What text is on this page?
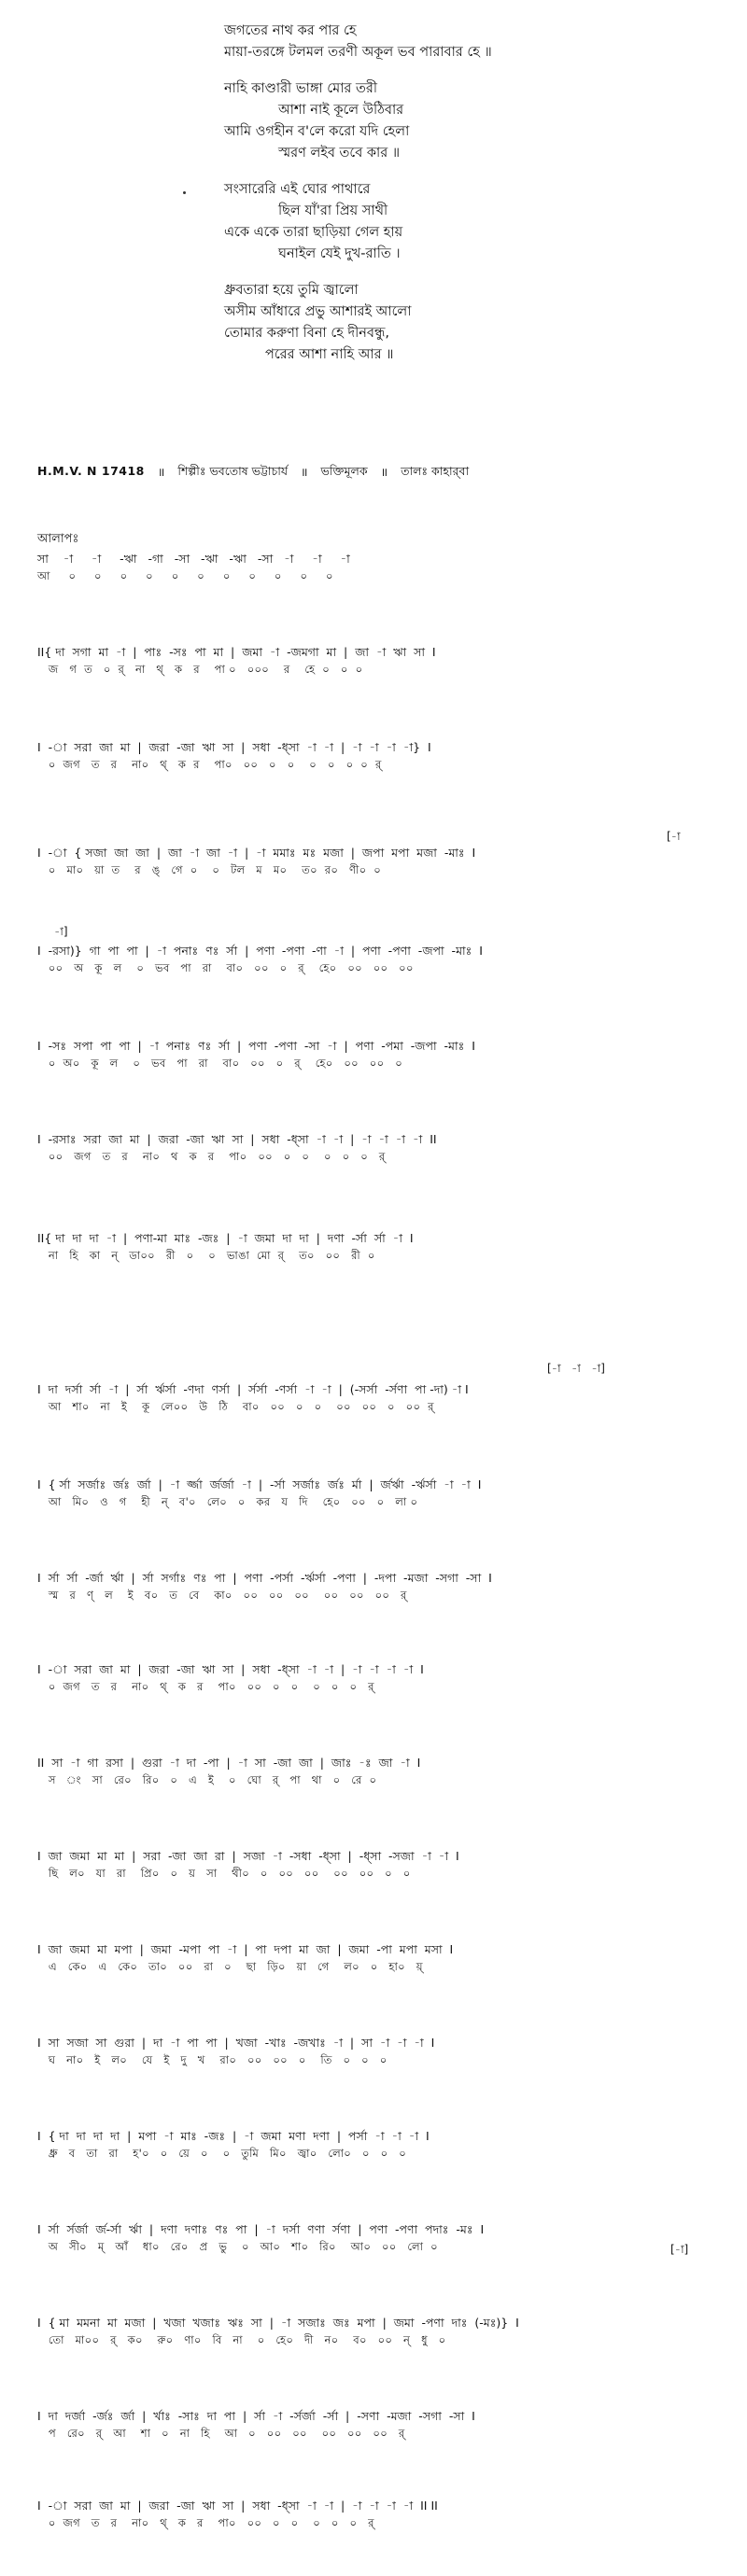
জগতের নাথ কর পার হে
মায়া-তরঙ্গে টলমল তরণী অকূল ভব পারাবার হে ॥
নাহি কাণ্ডারী ভাঙ্গা মোর তরী
আশা নাই কূলে উঠিবার
আমি ওগহীন ব'লে করো যদি হেলা
স্মরণ লইব তবে কার ॥
সংসারেরি এই ঘোর পাথারে
ছিল যাঁ'রা প্রিয় সাথী
একে একে তারা ছাড়িয়া গেল হায়
ঘনাইল যেই দুখ-রাতি ।
ধ্রুবতারা হয়ে তুমি জ্বালো
অসীম আঁধারে প্রভু আশারই আলো
তোমার করুণা বিনা হে দীনবন্ধু,
পরের আশা নাহি আর ॥
H.M.V. N 17418 ॥ শিল্পীঃ ভবতোষ ভট্টাচার্য ॥ ভক্তিমূলক ॥ তালঃ কাহার্‌বা
আলাপঃ
সা    -া     -া     -ঋা   -গা   -সা   -ঋা   -ঋা   -সা   -া     -া     -া
আ     ০     ০     ০     ০     ০     ০     ০     ০     ০     ০     ০
[-া
-া]
[-া   -া   -া]
[-া]
II{ দা  সগা  মা  -া  |  পাঃ  -সঃ  পা  মা  |  জমা  -া  -জমগা  মা  |  জা  -া  ঋা  সা  I
জ   গ  ত   ০  র্   না   থ্   ক   র    পা ০   ০০০    র    হে  ০   ০  ০
I  -া  সরা  জা  মা  |  জরা  -জা  ঋা  সা  |  সধা  -ধ্সা  -া  -া  |  -া  -া  -া  -া}  I
০  জগ   ত   র    না০   থ্   ক  র    পা০   ০০   ০   ০    ০   ০   ০  ০  র্
I  -া  { সজা  জা  জা  |  জা  -া  জা  -া  |  -া  মমাঃ  মঃ  মজা  |  জপা  মপা  মজা  -মাঃ  I
০   মা০   য়া  ত    র   ঙ্   গে  ০    ০   টল   ম   ম০    ত০  র০   ণী০  ০
I  -রসা)}  গা  পা  পা  |  -া  পনাঃ  ণঃ  র্সা  |  পণা  -পণা  -ণা  -া  |  পণা  -পণা  -জপা  -মাঃ  I
০০   অ   কূ   ল    ০   ভব   পা   রা    বা০   ০০   ০   র্    হে০   ০০   ০০   ০০
I  -সঃ  সপা  পা  পা  |  -া  পনাঃ  ণঃ  র্সা  |  পণা  -পণা  -সা  -া  |  পণা  -পমা  -জপা  -মাঃ  I
০  অ০   কূ   ল    ০   ভব   পা   রা    বা০   ০০   ০   র্    হে০   ০০   ০০   ০
I  -রসাঃ  সরা  জা  মা  |  জরা  -জা  ঋা  সা  |  সধা  -ধ্সা  -া  -া  |  -া  -া  -া  -া  II
০০   জগ   ত   র    না০   থ   ক   র    পা০   ০০   ০   ০    ০   ০   ০   র্
II{ দা  দা  দা  -া  |  পণা-মা  মাঃ  -জঃ  |  -া  জমা  দা  দা  |  দণা  -র্সা  র্সা  -া  I
না   হি   কা   ন্   ডা০০   রী   ০    ০   ভাঙা  মো  র্    ত০   ০০   রী  ০
I  দা  দর্সা  র্সা  -া  |  র্সা  র্ঋর্সা  -ণদা  ণর্সা  |  র্সর্সা  -ণর্সা  -া  -া  |  (-সর্সা  -র্সণা  পা -দা) -া I
আ   শা০   না   ই    কূ   লে০০   উ   ঠি    বা০   ০০   ০   ০    ০০   ০০   ০   ০০  র্
I  { র্সা  সর্জাঃ  র্জঃ  র্জা  |  -া  র্জ্জা  র্জর্জা  -া  |  -র্সা  সর্জাঃ  র্জঃ  র্মা  |  র্জর্ঋা  -র্ঋর্সা  -া  -া  I
আ   মি০   ও   গ    হী   ন্   ব'০   লে০   ০   কর   য   দি    হে০   ০০   ০   লা ০
I  র্সা  র্সা  -র্জা  র্ঋা  |  র্সা  সর্গাঃ  ণঃ  পা  |  পণা  -পর্সা  -র্ঋর্সা  -পণা  |  -দপা  -মজা  -সগা  -সা  I
স্ম   র   ণ্   ল    ই   ব০   ত   বে    কা০   ০০   ০০   ০০    ০০   ০০   ০০   র্
I  -া  সরা  জা  মা  |  জরা  -জা  ঋা  সা  |  সধা  -ধ্সা  -া  -া  |  -া  -া  -া  -া  I
০  জগ   ত   র    না০   থ্   ক   র    পা০   ০০   ০   ০    ০   ০   ০   র্
II  সা  -া  গা  রসা  |  গুরা  -া  দা  -পা  |  -া  সা  -জা  জা  |  জাঃ  -ঃ  জা  -া  I
স   ং   সা   রে০   রি০   ০   এ   ই    ০   ঘো   র্   পা   থা   ০   রে  ০
I  জা  জমা  মা  মা  |  সরা  -জা  জা  রা  |  সজা  -া  -সধা  -ধ্সা  |  -ধ্সা  -সজা  -া  -া  I
ছি   ল০   যা   রা    প্রি০   ০   য়   সা    থী০   ০   ০০   ০০    ০০   ০০   ০   ০
I  জা  জমা  মা  মপা  |  জমা  -মপা  পা  -া  |  পা  দপা  মা  জা  |  জমা  -পা  মপা  মসা  I
এ   কে০   এ   কে০   তা০   ০০   রা   ০    ছা   ড়ি০   য়া   গে    ল০   ০   হা০   য়্
I  সা  সজা  সা  গুরা  |  দা  -া  পা  পা  |  খজা  -খাঃ  -জখাঃ  -া  |  সা  -া  -া  -া  I
ঘ   না০   ই   ল০    যে   ই   দু   খ    রা০   ০০   ০০   ০    তি   ০   ০   ০
I  { দা  দা  দা  দা  |  মপা  -া  মাঃ  -জঃ  |  -া  জমা  মণা  দণা  |  পর্সা  -া  -া  -া  I
ধ্রু   ব   তা   রা    হ'০   ০   য়ে   ০    ০   তুমি   মি০   জ্বা০   লো০   ০   ০   ০
I  র্সা  র্সর্জা  র্জ-র্সা  র্ঋা  |  দণা  দণাঃ  ণঃ  পা  |  -া  দর্সা  ণণা  র্সণা  |  পণা  -পণা  পদাঃ  -মঃ  I
অ   সী০   ম্   আঁ    ধা০   রে০   প্র   ভু    ০   আ০   শা০   রি০    আ০   ০০   লো  ০
I  { মা  মমনা  মা  মজা  |  খজা  খজাঃ  ঋঃ  সা  |  -া  সজাঃ  জঃ  মপা  |  জমা  -পণা  দাঃ  (-মঃ)}  I
তো   মা০০   র্   ক০    রু০   ণা০   বি   না    ০   হে০   দী   ন০    ব০   ০০   ন্   ধু   ০
I  দা  দর্জা  -র্জঃ  র্জা  |  র্খাঃ  -সাঃ  দা  পা  |  র্সা  -া  -র্সর্জা  -র্সা  |  -সণা  -মজা  -সগা  -সা  I
প   রে০   র্   আ    শা   ০   না   হি    আ   ০   ০০   ০০    ০০   ০০   ০০   র্
I  -া  সরা  জা  মা  |  জরা  -জা  ঋা  সা  |  সধা  -ধ্সা  -া  -া  |  -া  -া  -া  -া  II II
০  জগ   ত   র    না০   থ্   ক   র    পা০   ০০   ০   ০    ০   ০   ০   র্
